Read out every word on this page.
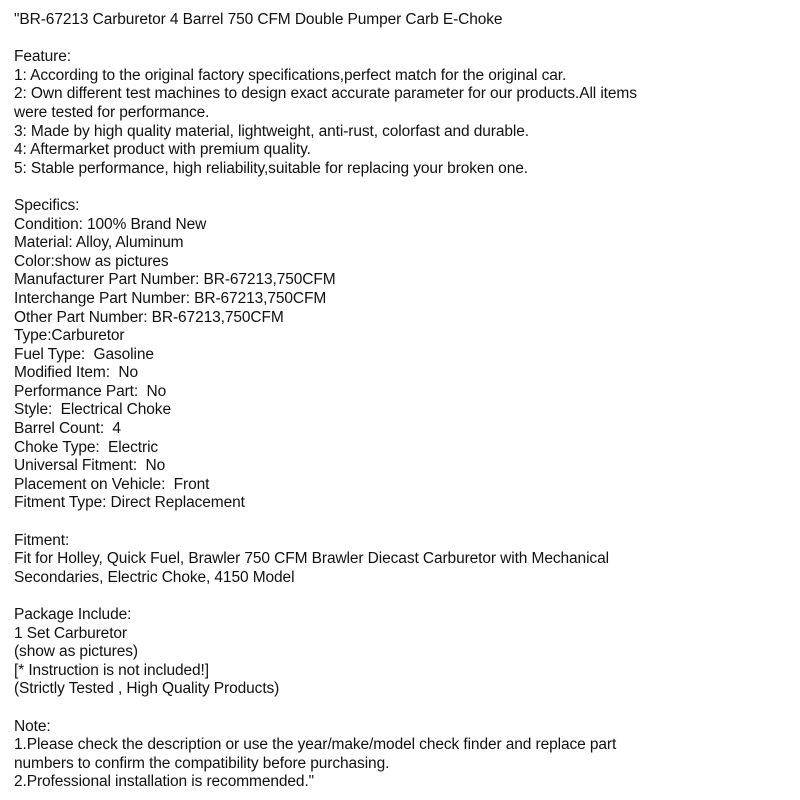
"BR-67213 Carburetor 4 Barrel 750 CFM Double Pumper Carb E-Choke
Feature:
1: According to the original factory specifications,perfect match for the original car.
2: Own different test machines to design exact accurate parameter for our products.All items
were tested for performance.
3: Made by high quality material, lightweight, anti-rust, colorfast and durable.
4: Aftermarket product with premium quality.
5: Stable performance, high reliability,suitable for replacing your broken one.
Specifics:
Condition: 100% Brand New
Material: Alloy, Aluminum
Color:show as pictures
Manufacturer Part Number: BR-67213,750CFM
Interchange Part Number: BR-67213,750CFM
Other Part Number: BR-67213,750CFM
Type:Carburetor
Fuel Type:  Gasoline
Modified Item:  No
Performance Part:  No
Style:  Electrical Choke
Barrel Count:  4
Choke Type:  Electric
Universal Fitment:  No
Placement on Vehicle:  Front
Fitment Type: Direct Replacement
Fitment:
Fit for Holley, Quick Fuel, Brawler 750 CFM Brawler Diecast Carburetor with Mechanical
Secondaries, Electric Choke, 4150 Model
Package Include:
1 Set Carburetor
(show as pictures)
[* Instruction is not included!]
(Strictly Tested , High Quality Products)
Note:
1.Please check the description or use the year/make/model check finder and replace part
numbers to confirm the compatibility before purchasing.
2.Professional installation is recommended."
